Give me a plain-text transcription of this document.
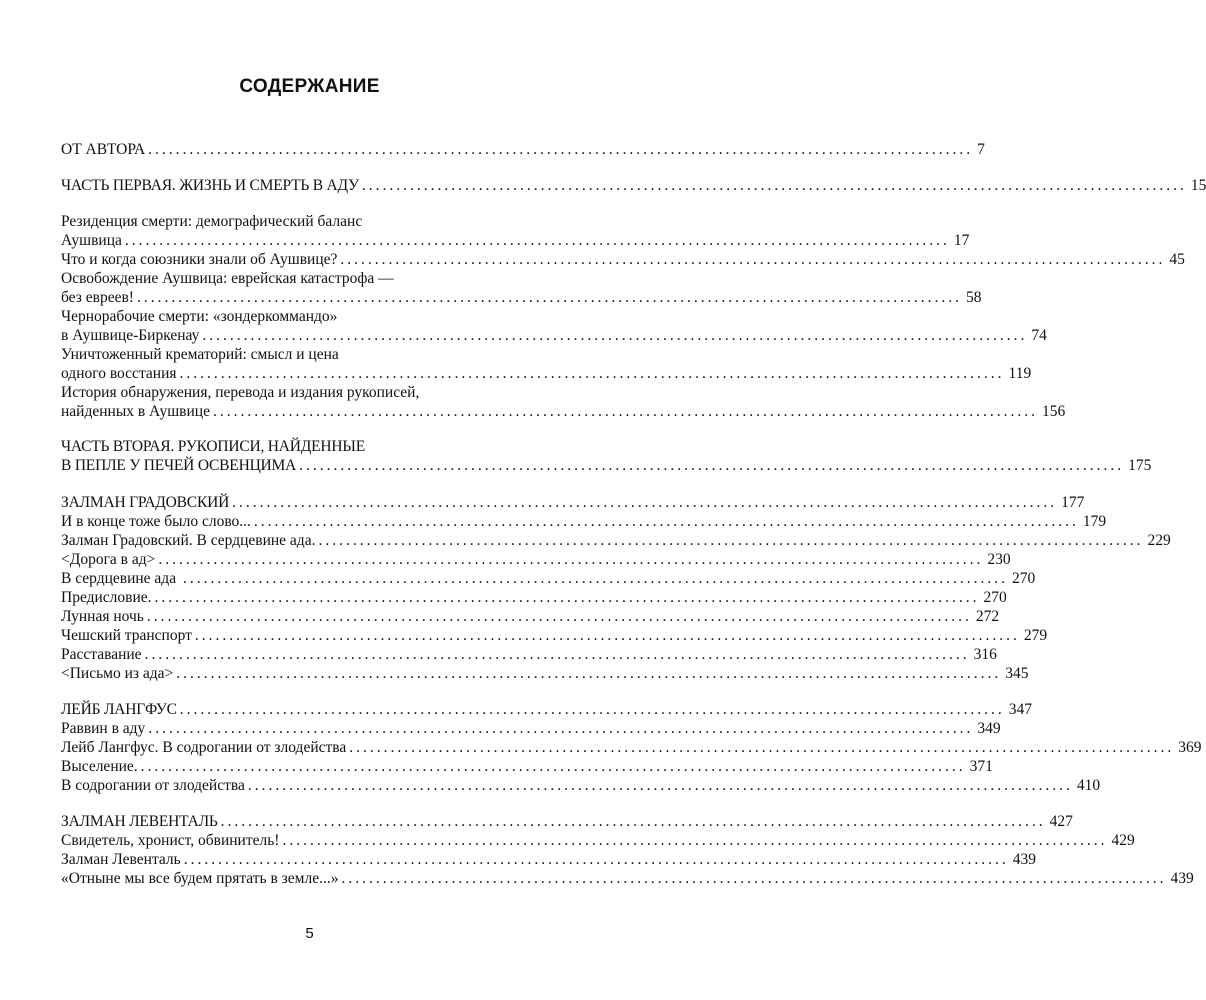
СОДЕРЖАНИЕ
ОТ АВТОРА ........................................................................................................................ 7
ЧАСТЬ ПЕРВАЯ. ЖИЗНЬ И СМЕРТЬ В АДУ ........................................................................................................................ 15
Резиденция смерти: демографический баланс
Аушвица ........................................................................................................................ 17
Что и когда союзники знали об Аушвице? ........................................................................................................................ 45
Освобождение Аушвица: еврейская катастрофа —
без евреев! ........................................................................................................................ 58
Чернорабочие смерти: «зондеркоммандо»
в Аушвице-Биркенау ........................................................................................................................ 74
Уничтоженный крематорий: смысл и цена
одного восстания ........................................................................................................................ 119
История обнаружения, перевода и издания рукописей,
найденных в Аушвице ........................................................................................................................ 156
ЧАСТЬ ВТОРАЯ. РУКОПИСИ, НАЙДЕННЫЕ
В ПЕПЛЕ У ПЕЧЕЙ ОСВЕНЦИМА ........................................................................................................................ 175
ЗАЛМАН ГРАДОВСКИЙ ........................................................................................................................ 177
И в конце тоже было слово... ........................................................................................................................ 179
Залман Градовский. В сердцевине ада. ........................................................................................................................ 229
<Дорога в ад> ........................................................................................................................ 230
В сердцевине ада ........................................................................................................................ 270
Предисловие. ........................................................................................................................ 270
Лунная ночь ........................................................................................................................ 272
Чешский транспорт ........................................................................................................................ 279
Расставание ........................................................................................................................ 316
<Письмо из ада> ........................................................................................................................ 345
ЛЕЙБ ЛАНГФУС ........................................................................................................................ 347
Раввин в аду ........................................................................................................................ 349
Лейб Лангфус. В содрогании от злодейства ........................................................................................................................ 369
Выселение. ........................................................................................................................ 371
В содрогании от злодейства ........................................................................................................................ 410
ЗАЛМАН ЛЕВЕНТАЛЬ ........................................................................................................................ 427
Свидетель, хронист, обвинитель! ........................................................................................................................ 429
Залман Левенталь ........................................................................................................................ 439
«Отныне мы все будем прятать в земле...» ........................................................................................................................ 439
5
